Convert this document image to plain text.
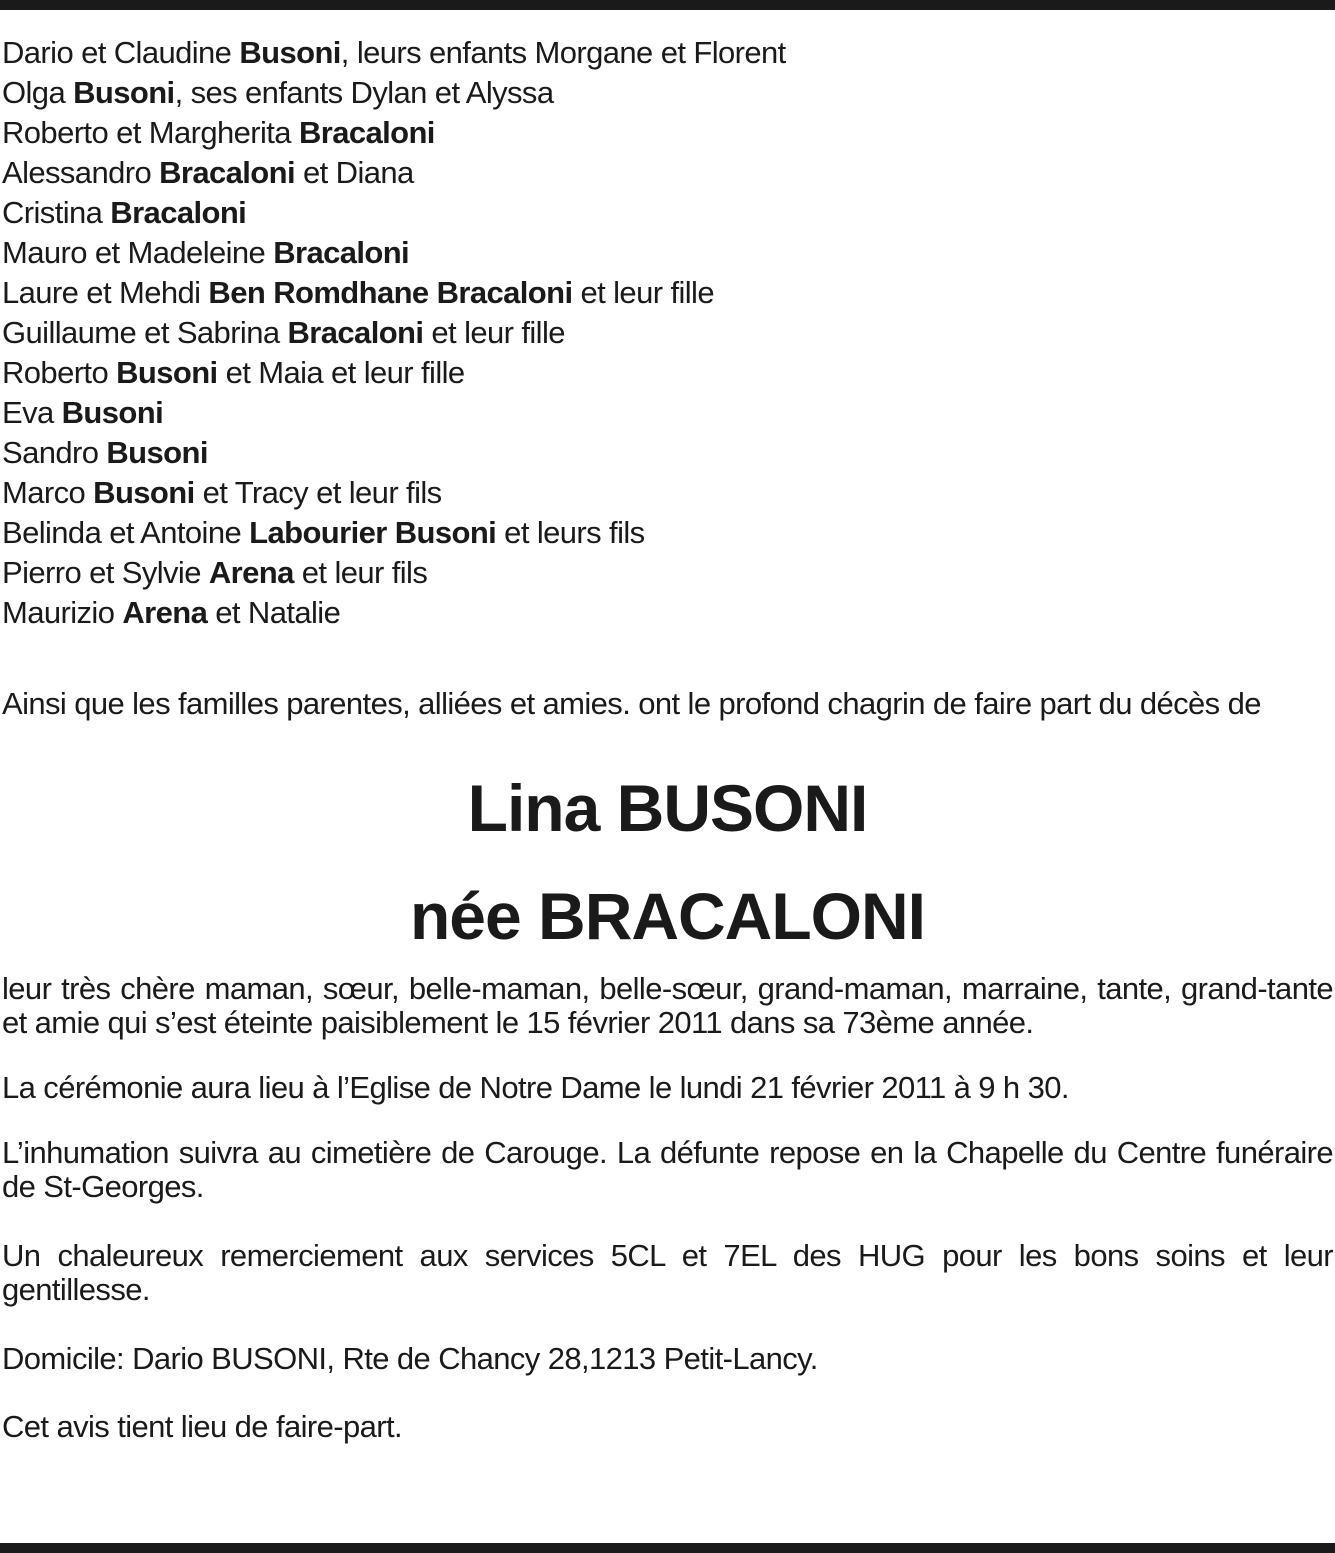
Dario et Claudine Busoni, leurs enfants Morgane et Florent
Olga Busoni, ses enfants Dylan et Alyssa
Roberto et Margherita Bracaloni
Alessandro Bracaloni et Diana
Cristina Bracaloni
Mauro et Madeleine Bracaloni
Laure et Mehdi Ben Romdhane Bracaloni et leur fille
Guillaume et Sabrina Bracaloni et leur fille
Roberto Busoni et Maia et leur fille
Eva Busoni
Sandro Busoni
Marco Busoni et Tracy et leur fils
Belinda et Antoine Labourier Busoni et leurs fils
Pierro et Sylvie Arena et leur fils
Maurizio Arena et Natalie

Ainsi que les familles parentes, alliées et amies. ont le profond chagrin de faire part du décès de

Lina BUSONI
née BRACALONI

leur très chère maman, sœur, belle-maman, belle-sœur, grand-maman, marraine, tante, grand-tante et amie qui s’est éteinte paisiblement le 15 février 2011 dans sa 73ème année.

La cérémonie aura lieu à l’Eglise de Notre Dame le lundi 21 février 2011 à 9 h 30.

L’inhumation suivra au cimetière de Carouge. La défunte repose en la Chapelle du Centre funéraire de St-Georges.

Un chaleureux remerciement aux services 5CL et 7EL des HUG pour les bons soins et leur gentillesse.

Domicile: Dario BUSONI, Rte de Chancy 28,1213 Petit-Lancy.

Cet avis tient lieu de faire-part.
